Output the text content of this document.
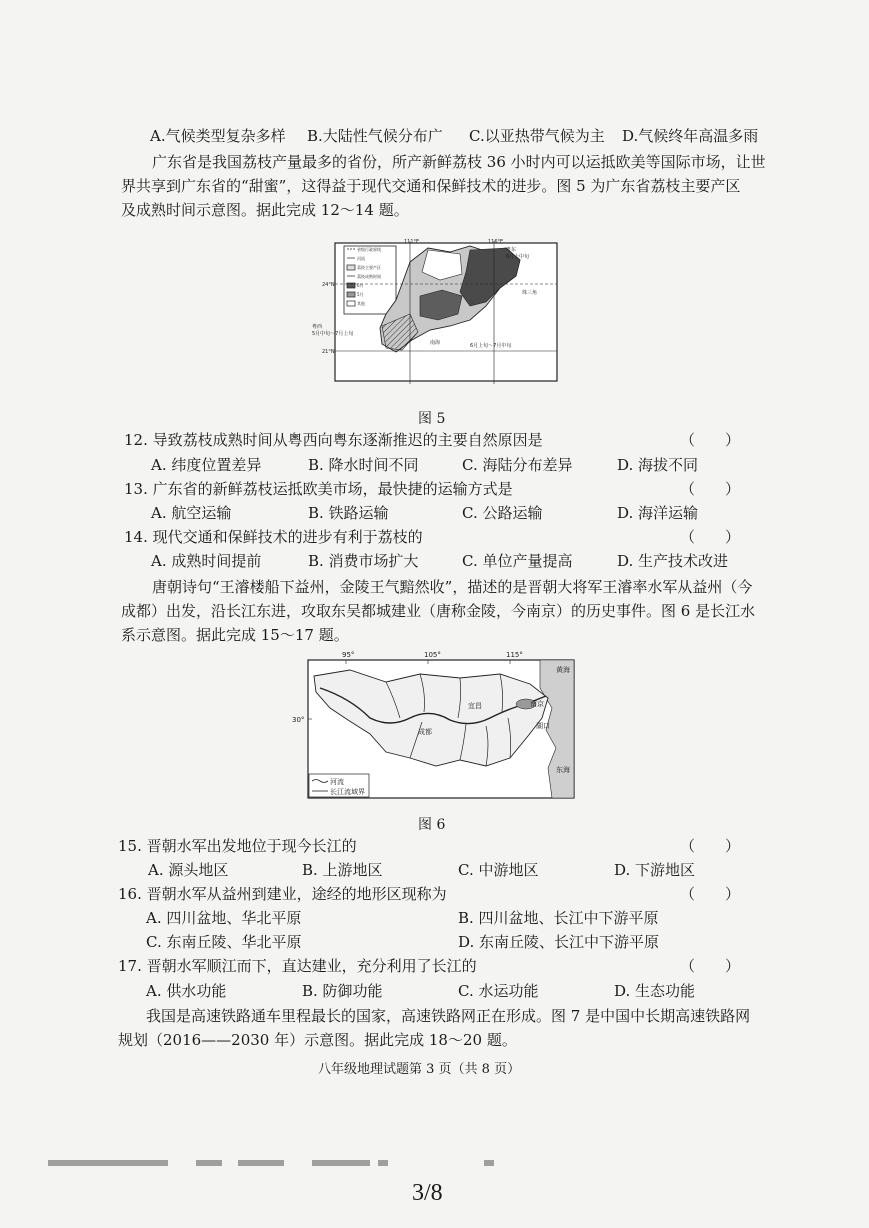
A.气候类型复杂多样 B.大陆性气候分布广 C.以亚热带气候为主 D.气候终年高温多雨
广东省是我国荔枝产量最多的省份，所产新鲜荔枝 36 小时内可以运抵欧美等国际市场，让世
界共享到广东省的“甜蜜”，这得益于现代交通和保鲜技术的进步。图 5 为广东省荔枝主要产区
及成熟时间示意图。据此完成 12～14 题。
省级行政界线
河流
荔枝主要产区
荔枝成熟时间
6月
5月
其他
111°E	116°E
24°N
21°N
粤东
6月上中旬
珠三角
粤西
5月中旬～7月上旬
南海	6月上旬～7月中旬
图 5
12. 导致荔枝成熟时间从粤西向粤东逐渐推迟的主要自然原因是	（　　）
A. 纬度位置差异	B. 降水时间不同	C. 海陆分布差异	D. 海拔不同
13. 广东省的新鲜荔枝运抵欧美市场，最快捷的运输方式是	（　　）
A. 航空运输	B. 铁路运输	C. 公路运输	D. 海洋运输
14. 现代交通和保鲜技术的进步有利于荔枝的	（　　）
A. 成熟时间提前	B. 消费市场扩大	C. 单位产量提高	D. 生产技术改进
唐朝诗句“王濬楼船下益州，金陵王气黯然收”，描述的是晋朝大将军王濬率水军从益州（今
成都）出发，沿长江东进，攻取东吴都城建业（唐称金陵，今南京）的历史事件。图 6 是长江水
系示意图。据此完成 15～17 题。
河流
长江流域界
95°	105°	115°
30°
成都
宜昌	南京
湖口
黄海
东海
图 6
15. 晋朝水军出发地位于现今长江的	（　　）
A. 源头地区	B. 上游地区	C. 中游地区	D. 下游地区
16. 晋朝水军从益州到建业，途经的地形区现称为	（　　）
A. 四川盆地、华北平原	B. 四川盆地、长江中下游平原
C. 东南丘陵、华北平原	D. 东南丘陵、长江中下游平原
17. 晋朝水军顺江而下，直达建业，充分利用了长江的	（　　）
A. 供水功能	B. 防御功能	C. 水运功能	D. 生态功能
我国是高速铁路通车里程最长的国家，高速铁路网正在形成。图 7 是中国中长期高速铁路网
规划（2016——2030 年）示意图。据此完成 18～20 题。
八年级地理试题第 3 页（共 8 页）
3/8
